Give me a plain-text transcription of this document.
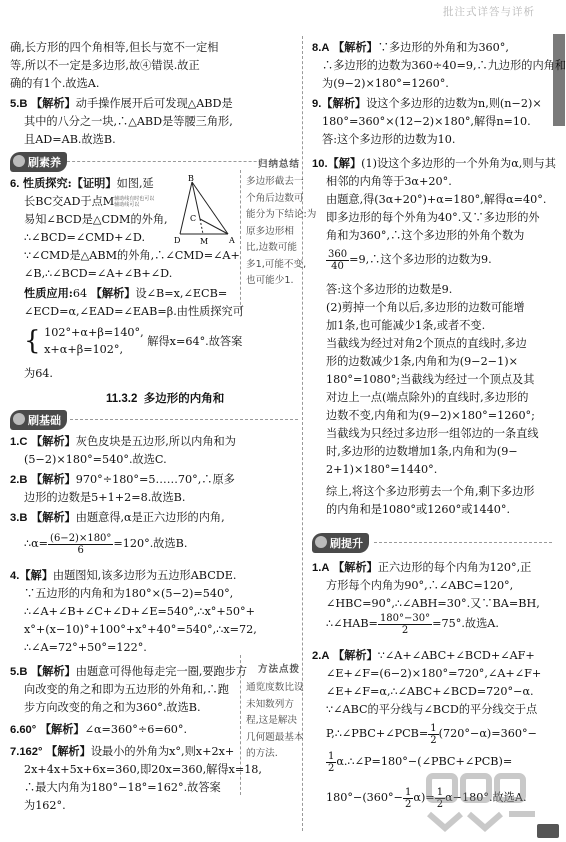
批注式详答与详析
确,长方形的四个角相等,但长与宽不一定相
等,所以不一定是多边形,故④错误.故正
确的有1个.故选A.
5.B 【解析】动手操作展开后可发现△ABD是
其中的八分之一块,∴△ABD是等腰三角形,
且AD=AB.故选B.
刷素养
6. 性质探究:【证明】如图,延
长BC交AD于点M辅助线有时也可以
辅助线可以
易知∠BCD是△CDM的外角,
∴∠BCD=∠CMD+∠D.
∵∠CMD是△ABM的外角,∴∠CMD=∠A+
∠B,∴∠BCD=∠A+∠B+∠D.
性质应用:64 【解析】设∠B=x,∠ECB=
∠ECD=α,∠EAD=∠EAB=β.由性质探究可
{ 102°+α+β=140°,
x+α+β=102°, 解得x=64°.故答案
为64.
11.3.2 多边形的内角和
刷基础
1.C 【解析】灰色皮块是五边形,所以内角和为
(5−2)×180°=540°.故选C.
2.B 【解析】970°÷180°=5……70°,∴原多
边形的边数是5+1+2=8.故选B.
3.B 【解析】由题意得,α是正六边形的内角,
∴α= $\frac{(6-2)\times 180^\circ}{6} =120^\circ$.故选B.
4.【解】由题图知,该多边形为五边形ABCDE.
∵五边形的内角和为180°×(5−2)=540°,
∴∠A+∠B+∠C+∠D+∠E=540°,∴x°+50°+
x°+(x−10)°+100°+x°+40°=540°,∴x=72,
∴∠A=72°+50°=122°.
5.B 【解析】由题意可得他每走完一圈,要跑步方
向改变的角之和即为五边形的外角和,∴跑
步方向改变的角之和为360°.故选B.
6.60° 【解析】∠α=360°÷6=60°.
7.162° 【解析】设最小的外角为x°,则x+2x+
2x+4x+5x+6x=360,即20x=360,解得x=18,
∴最大内角为180°−18°=162°.故答案
为162°.
B
C
D M	A
归纳总结
多边形截去一
个角后边数可
能分为下结论:为
原多边形相
比,边数可能
多1,可能不变,
也可能少1.
方法点拨
通览度数比设
未知数列方
程,这是解决
几何题最基本
的方法.
8.A 【解析】∵多边形的外角和为360°,
∴多边形的边数为360÷40=9,∴九边形的内角和
为(9−2)×180°=1260°.
9.【解析】设这个多边形的边数为n,则(n−2)×
180°=360°×(12−2)×180°,解得n=10.
答:这个多边形的边数为10.
10.【解】(1)设这个多边形的一个外角为α,则与其
相邻的内角等于3α+20°.
由题意,得(3α+20°)+α=180°,解得α=40°.
即多边形的每个外角为40°.又∵多边形的外
角和为360°,∴这个多边形的外角个数为
$\frac{360}{40}$ =9,∴这个多边形的边数为9.
答:这个多边形的边数是9.
(2)剪掉一个角以后,多边形的边数可能增
加1条,也可能减少1条,或者不变.
当截线为经过对角2个顶点的直线时,多边
形的边数减少1条,内角和为(9−2−1)×
180°=1080°;当截线为经过一个顶点及其
对边上一点(端点除外)的直线时,多边形的
边数不变,内角和为(9−2)×180°=1260°;
当截线为只经过多边形一组邻边的一条直线
时,多边形的边数增加1条,内角和为(9−
2+1)×180°=1440°.
综上,将这个多边形剪去一个角,剩下多边形
的内角和是1080°或1260°或1440°.
刷提升
1.A 【解析】正六边形的每个内角为120°,正
方形每个内角为90°,∴∠ABC=120°,
∠HBC=90°,∴∠ABH=30°.又∵BA=BH,
∴∠HAB= $\frac{180^\circ-30^\circ}{2} =75^\circ$.故选A.
2.A 【解析】∵∠A+∠ABC+∠BCD+∠AF+
∠E+∠F=(6−2)×180°=720°,∠A+∠F+
∠E+∠F=α,∴∠ABC+∠BCD=720°−α.
∵∠ABC的平分线与∠BCD的平分线交于点
P,∴∠PBC+∠PCB= $\frac{1}{2} (720^\circ-\alpha)=360^\circ-$
$\frac{1}{2}$ α.∴∠P=180°−(∠PBC+∠PCB)=
$180^\circ-(360^\circ- \frac{1}{2} \alpha)= \frac{1}{2} \alpha-180^\circ$.故选A.
